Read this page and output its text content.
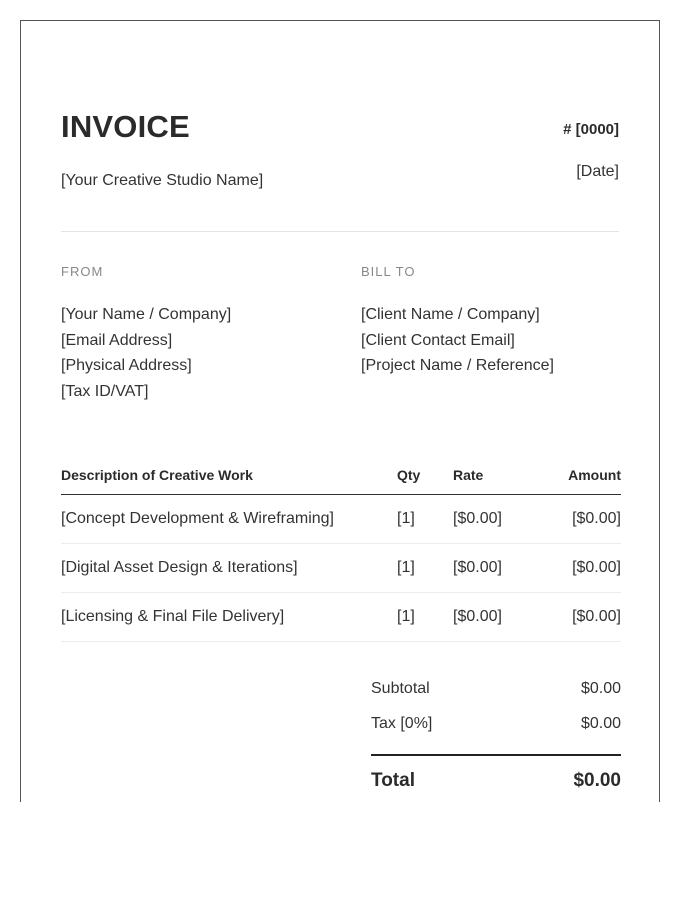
INVOICE	# [0000]
[Your Creative Studio Name]
[Date]
FROM
[Your Name / Company]
[Email Address]
[Physical Address]
[Tax ID/VAT]
BILL TO
[Client Name / Company]
[Client Contact Email]
[Project Name / Reference]
Description of Creative Work	Qty	Rate	Amount
[Concept Development & Wireframing]	[1]	[$0.00]	[$0.00]
[Digital Asset Design & Iterations]	[1]	[$0.00]	[$0.00]
[Licensing & Final File Delivery]	[1]	[$0.00]	[$0.00]
Subtotal	$0.00
Tax [0%]	$0.00
Total	$0.00
